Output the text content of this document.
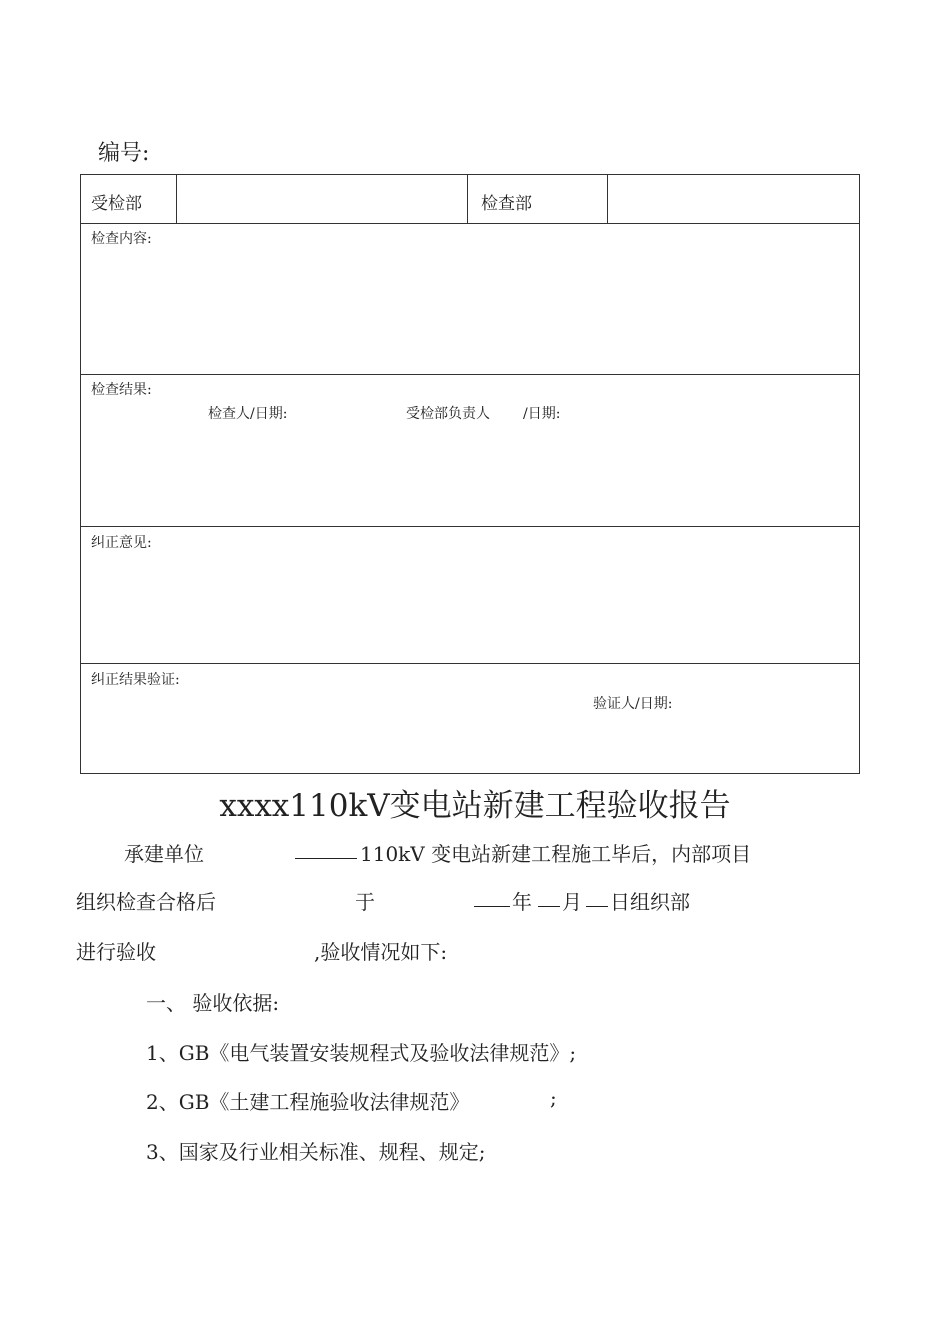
编号:
受检部	检查部
检查内容:
检查结果:
检查人/日期:	受检部负责人 /日期:
纠正意见:
纠正结果验证:
验证人/日期:
xxxx110kV变电站新建工程验收报告
承建单位	110kV 变电站新建工程施工毕后，内部项目
组织检查合格后	于	年 月 日组织部
进行验收	,验收情况如下:
一、 验收依据:
1、GB《电气装置安装规程式及验收法律规范》;
2、GB《土建工程施验收法律规范》	;
3、国家及行业相关标准、规程、规定;
